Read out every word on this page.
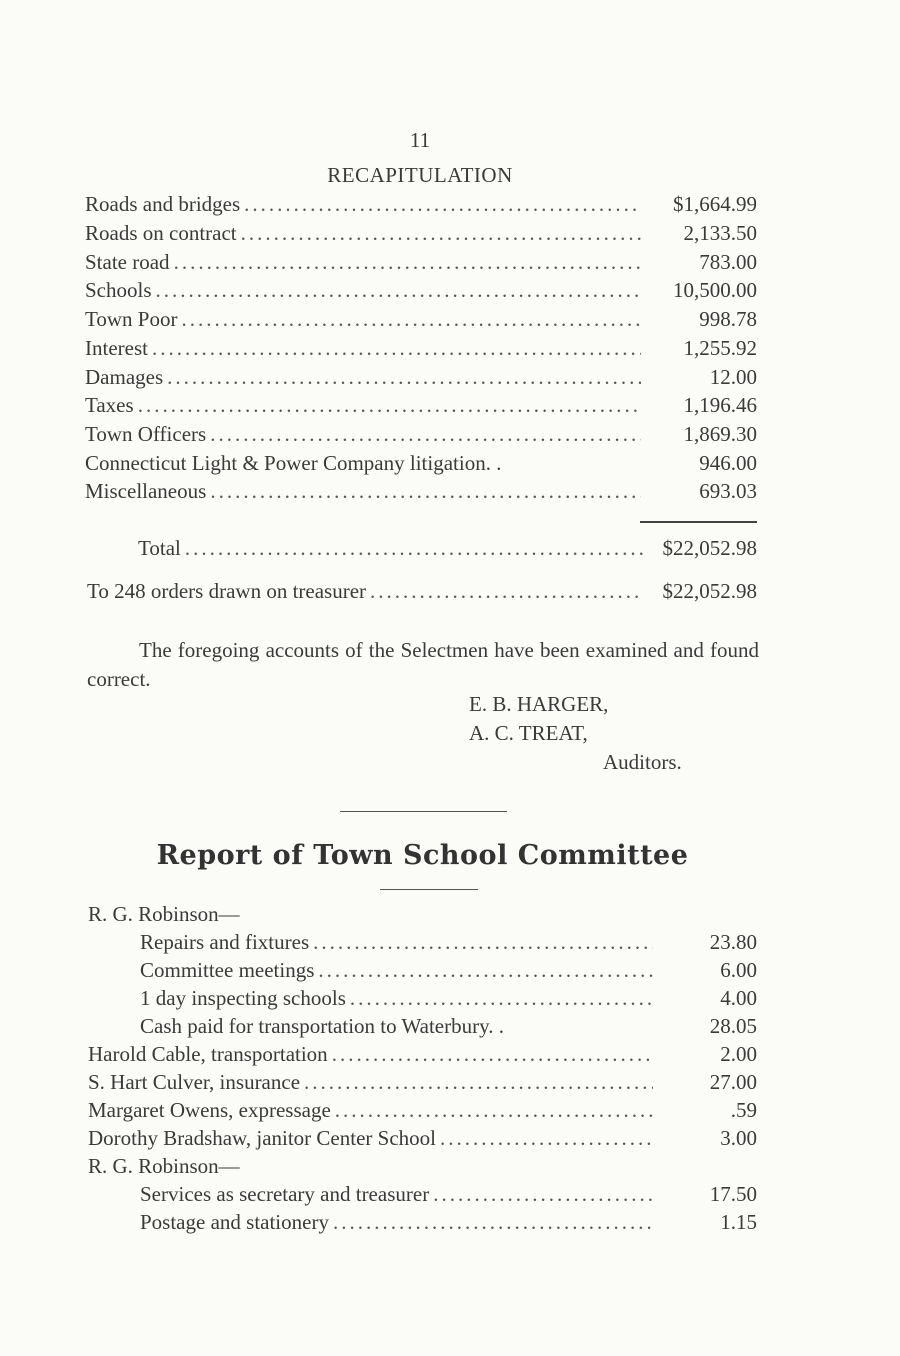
11
RECAPITULATION
Roads and bridges .....	$1,664.99
Roads on contract .....	2,133.50
State road .....	783.00
Schools .....	10,500.00
Town Poor .....	998.78
Interest .....	1,255.92
Damages .....	12.00
Taxes .....	1,196.46
Town Officers .....	1,869.30
Connecticut Light & Power Company litigation. .	946.00
Miscellaneous .....	693.03
Total .....	$22,052.98
To 248 orders drawn on treasurer .....	$22,052.98

The foregoing accounts of the Selectmen have been examined and found correct.

E. B. HARGER,
A. C. TREAT,
Auditors.
Report of Town School Committee
R. G. Robinson—
Repairs and fixtures .....	23.80
Committee meetings .....	6.00
1 day inspecting schools .....	4.00
Cash paid for transportation to Waterbury. .	28.05
Harold Cable, transportation .....	2.00
S. Hart Culver, insurance .....	27.00
Margaret Owens, expressage .....	.59
Dorothy Bradshaw, janitor Center School .....	3.00
R. G. Robinson—
Services as secretary and treasurer .....	17.50
Postage and stationery .....	1.15
